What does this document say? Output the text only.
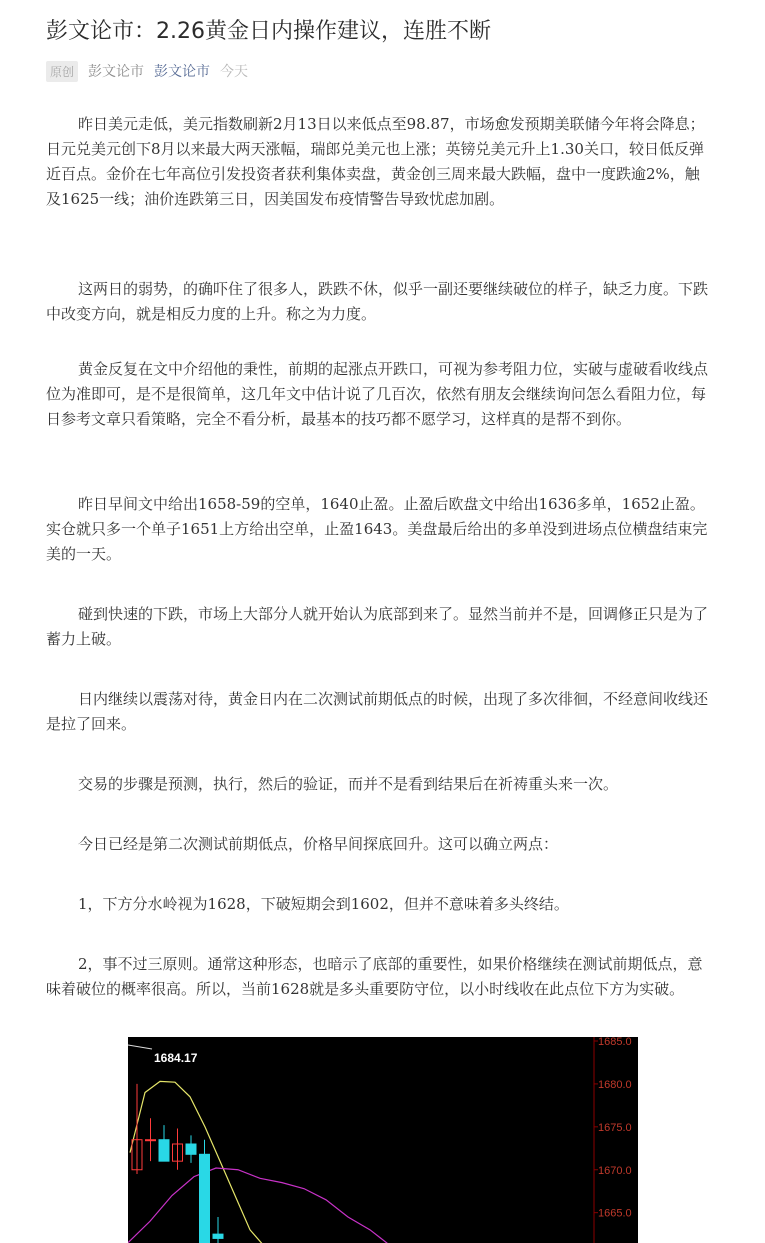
彭文论市：2.26黄金日内操作建议，连胜不断
原创 彭文论市 彭文论市 今天

昨日美元走低，美元指数刷新2月13日以来低点至98.87，市场愈发预期美联储今年将会降息；日元兑美元创下8月以来最大两天涨幅，瑞郎兑美元也上涨；英镑兑美元升上1.30关口，较日低反弹近百点。金价在七年高位引发投资者获利集体卖盘，黄金创三周来最大跌幅，盘中一度跌逾2%，触及1625一线；油价连跌第三日，因美国发布疫情警告导致忧虑加剧。

这两日的弱势，的确吓住了很多人，跌跌不休，似乎一副还要继续破位的样子，缺乏力度。下跌中改变方向，就是相反力度的上升。称之为力度。

黄金反复在文中介绍他的秉性，前期的起涨点开跌口，可视为参考阻力位，实破与虚破看收线点位为准即可，是不是很简单，这几年文中估计说了几百次，依然有朋友会继续询问怎么看阻力位，每日参考文章只看策略，完全不看分析，最基本的技巧都不愿学习，这样真的是帮不到你。

昨日早间文中给出1658-59的空单，1640止盈。止盈后欧盘文中给出1636多单，1652止盈。实仓就只多一个单子1651上方给出空单，止盈1643。美盘最后给出的多单没到进场点位横盘结束完美的一天。

碰到快速的下跌，市场上大部分人就开始认为底部到来了。显然当前并不是，回调修正只是为了蓄力上破。

日内继续以震荡对待，黄金日内在二次测试前期低点的时候，出现了多次徘徊，不经意间收线还是拉了回来。

交易的步骤是预测，执行，然后的验证，而并不是看到结果后在祈祷重头来一次。

今日已经是第二次测试前期低点，价格早间探底回升。这可以确立两点：

1，下方分水岭视为1628，下破短期会到1602，但并不意味着多头终结。

2，事不过三原则。通常这种形态，也暗示了底部的重要性，如果价格继续在测试前期低点，意味着破位的概率很高。所以，当前1628就是多头重要防守位，以小时线收在此点位下方为实破。

1685.0
1680.0
1675.0
1670.0
1665.0
1684.17
